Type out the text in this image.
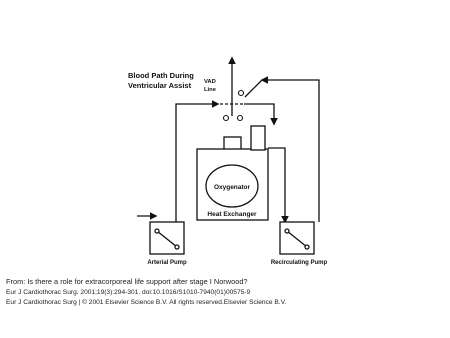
Blood Path During
Ventricular Assist VAD
Line
Oxygenator
Heat Exchanger
Arterial Pump	Recirculating Pump
From: Is there a role for extracorporeal life support after stage I Norwood?
Eur J Cardiothorac Surg. 2001;19(3):294-301. doi:10.1016/S1010-7940(01)00575-9
Eur J Cardiothorac Surg | © 2001 Elsevier Science B.V. All rights reserved.Elsevier Science B.V.
